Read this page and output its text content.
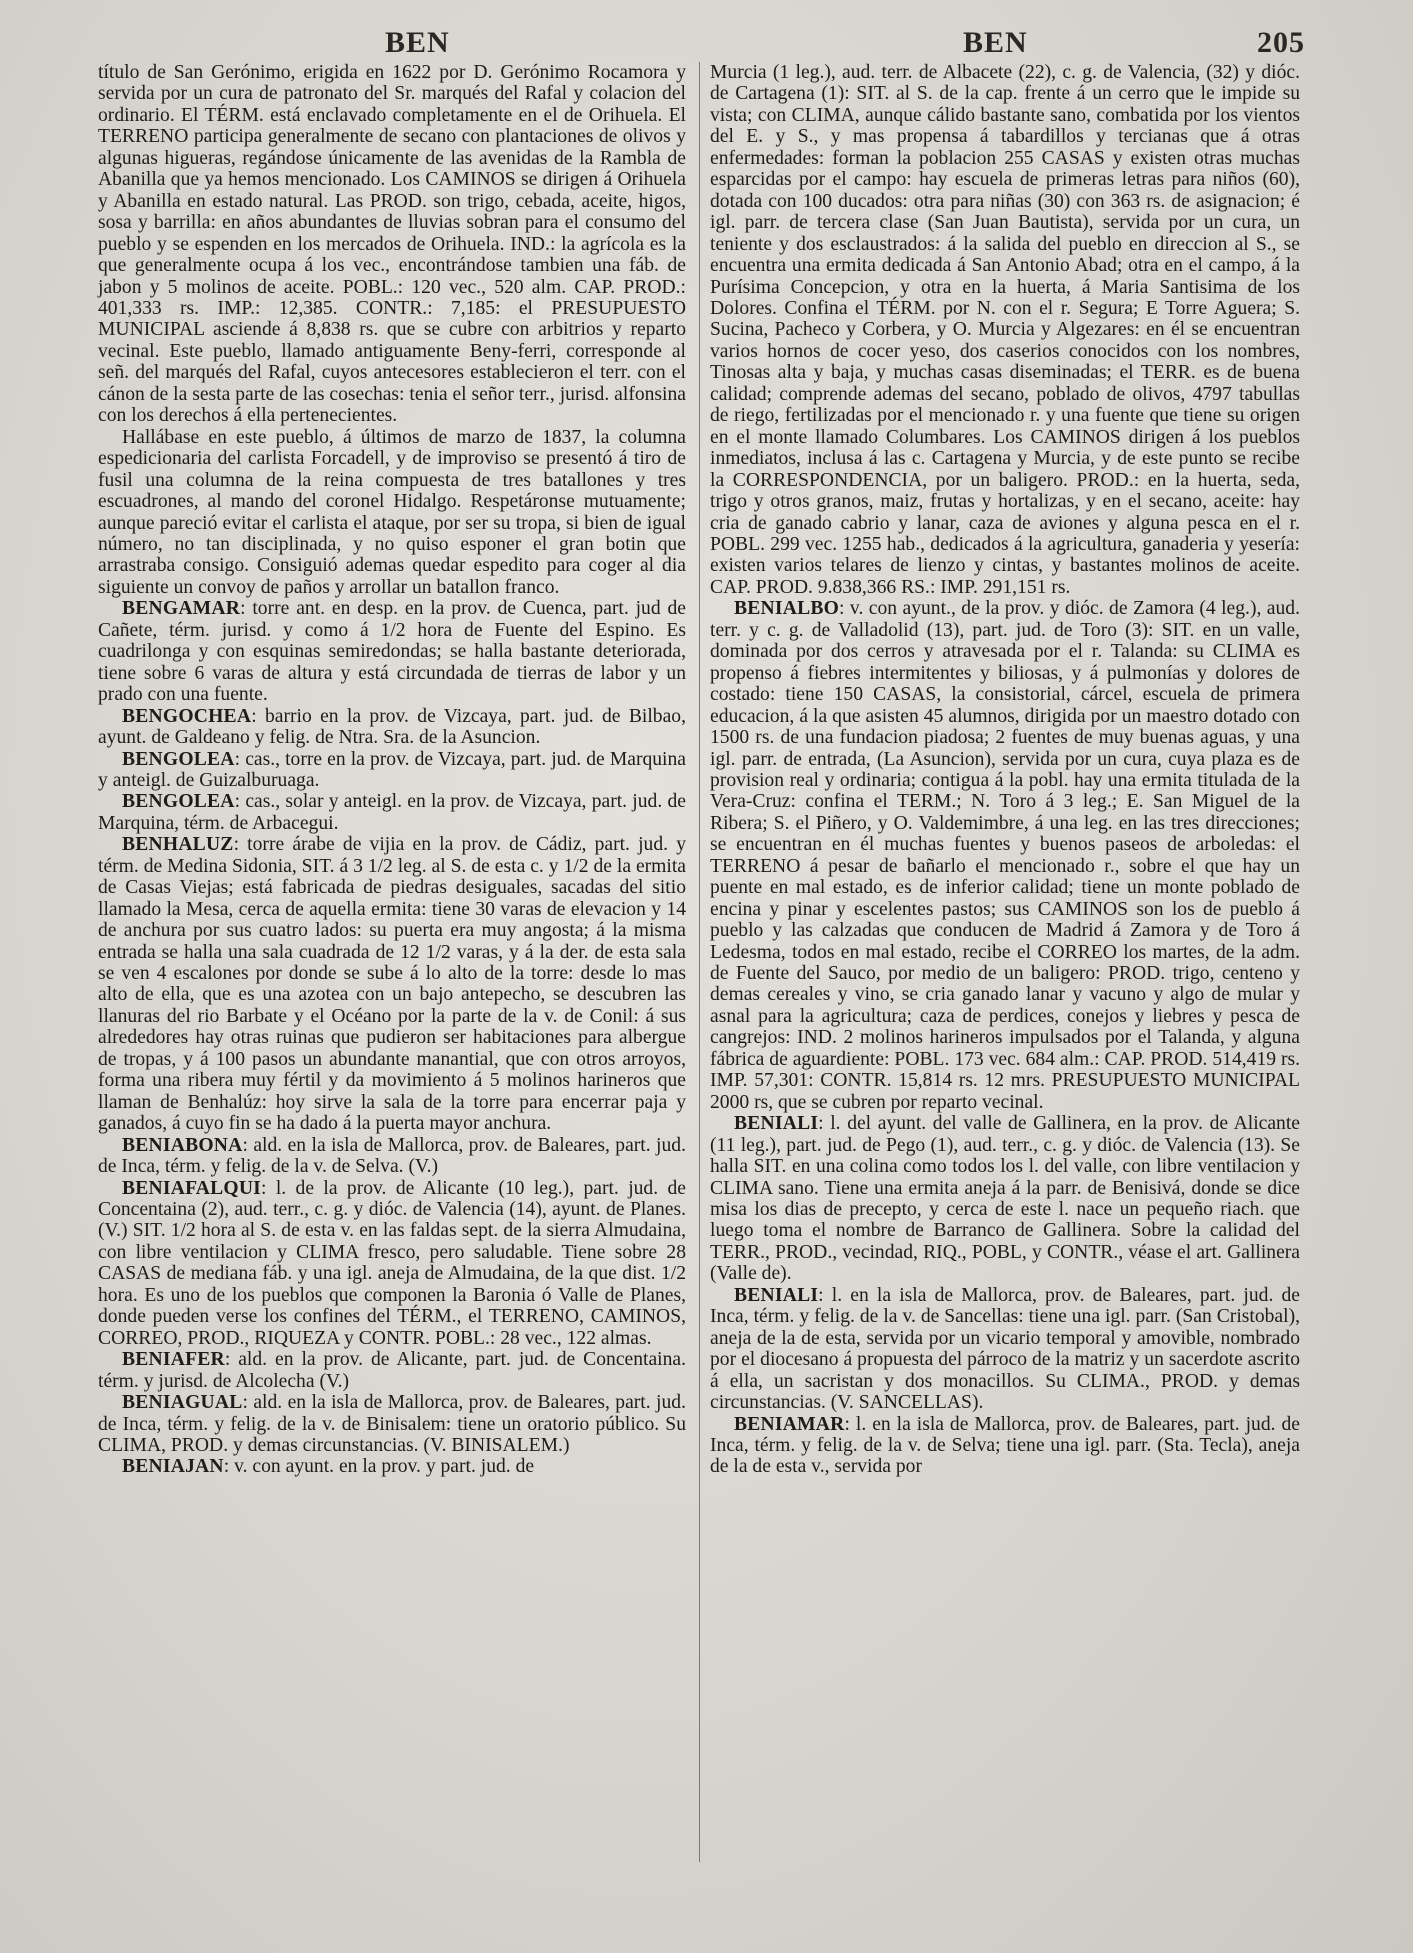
BEN	BEN	205

título de San Gerónimo, erigida en 1622 por D. Gerónimo Rocamora y servida por un cura de patronato del Sr. marqués del Rafal y colacion del ordinario. El TÉRM. está enclavado completamente en el de Orihuela. El TERRENO participa generalmente de secano con plantaciones de olivos y algunas higueras, regándose únicamente de las avenidas de la Rambla de Abanilla que ya hemos mencionado. Los CAMINOS se dirigen á Orihuela y Abanilla en estado natural. Las PROD. son trigo, cebada, aceite, higos, sosa y barrilla: en años abundantes de lluvias sobran para el consumo del pueblo y se espenden en los mercados de Orihuela. IND.: la agrícola es la que generalmente ocupa á los vec., encontrándose tambien una fáb. de jabon y 5 molinos de aceite. POBL.: 120 vec., 520 alm. CAP. PROD.: 401,333 rs. IMP.: 12,385. CONTR.: 7,185: el PRESUPUESTO MUNICIPAL asciende á 8,838 rs. que se cubre con arbitrios y reparto vecinal. Este pueblo, llamado antiguamente Beny-ferri, corresponde al señ. del marqués del Rafal, cuyos antecesores establecieron el terr. con el cánon de la sesta parte de las cosechas: tenia el señor terr., jurisd. alfonsina con los derechos á ella pertenecientes.

Hallábase en este pueblo, á últimos de marzo de 1837, la columna espedicionaria del carlista Forcadell, y de improviso se presentó á tiro de fusil una columna de la reina compuesta de tres batallones y tres escuadrones, al mando del coronel Hidalgo. Respetáronse mutuamente; aunque pareció evitar el carlista el ataque, por ser su tropa, si bien de igual número, no tan disciplinada, y no quiso esponer el gran botin que arrastraba consigo. Consiguió ademas quedar espedito para coger al dia siguiente un convoy de paños y arrollar un batallon franco.

BENGAMAR: torre ant. en desp. en la prov. de Cuenca, part. jud de Cañete, térm. jurisd. y como á 1/2 hora de Fuente del Espino. Es cuadrilonga y con esquinas semiredondas; se halla bastante deteriorada, tiene sobre 6 varas de altura y está circundada de tierras de labor y un prado con una fuente.

BENGOCHEA: barrio en la prov. de Vizcaya, part. jud. de Bilbao, ayunt. de Galdeano y felig. de Ntra. Sra. de la Asuncion.

BENGOLEA: cas., torre en la prov. de Vizcaya, part. jud. de Marquina y anteigl. de Guizalburuaga.

BENGOLEA: cas., solar y anteigl. en la prov. de Vizcaya, part. jud. de Marquina, térm. de Arbacegui.

BENHALUZ: torre árabe de vijia en la prov. de Cádiz, part. jud. y térm. de Medina Sidonia, SIT. á 3 1/2 leg. al S. de esta c. y 1/2 de la ermita de Casas Viejas; está fabricada de piedras desiguales, sacadas del sitio llamado la Mesa, cerca de aquella ermita: tiene 30 varas de elevacion y 14 de anchura por sus cuatro lados: su puerta era muy angosta; á la misma entrada se halla una sala cuadrada de 12 1/2 varas, y á la der. de esta sala se ven 4 escalones por donde se sube á lo alto de la torre: desde lo mas alto de ella, que es una azotea con un bajo antepecho, se descubren las llanuras del rio Barbate y el Océano por la parte de la v. de Conil: á sus alrededores hay otras ruinas que pudieron ser habitaciones para albergue de tropas, y á 100 pasos un abundante manantial, que con otros arroyos, forma una ribera muy fértil y da movimiento á 5 molinos harineros que llaman de Benhalúz: hoy sirve la sala de la torre para encerrar paja y ganados, á cuyo fin se ha dado á la puerta mayor anchura.

BENIABONA: ald. en la isla de Mallorca, prov. de Baleares, part. jud. de Inca, térm. y felig. de la v. de Selva. (V.)

BENIAFALQUI: l. de la prov. de Alicante (10 leg.), part. jud. de Concentaina (2), aud. terr., c. g. y dióc. de Valencia (14), ayunt. de Planes. (V.) SIT. 1/2 hora al S. de esta v. en las faldas sept. de la sierra Almudaina, con libre ventilacion y CLIMA fresco, pero saludable. Tiene sobre 28 CASAS de mediana fáb. y una igl. aneja de Almudaina, de la que dist. 1/2 hora. Es uno de los pueblos que componen la Baronia ó Valle de Planes, donde pueden verse los confines del TÉRM., el TERRENO, CAMINOS, CORREO, PROD., RIQUEZA y CONTR. POBL.: 28 vec., 122 almas.

BENIAFER: ald. en la prov. de Alicante, part. jud. de Concentaina. térm. y jurisd. de Alcolecha (V.)

BENIAGUAL: ald. en la isla de Mallorca, prov. de Baleares, part. jud. de Inca, térm. y felig. de la v. de Binisalem: tiene un oratorio público. Su CLIMA, PROD. y demas circunstancias. (V. BINISALEM.)

BENIAJAN: v. con ayunt. en la prov. y part. jud. de

Murcia (1 leg.), aud. terr. de Albacete (22), c. g. de Valencia, (32) y dióc. de Cartagena (1): SIT. al S. de la cap. frente á un cerro que le impide su vista; con CLIMA, aunque cálido bastante sano, combatida por los vientos del E. y S., y mas propensa á tabardillos y tercianas que á otras enfermedades: forman la poblacion 255 CASAS y existen otras muchas esparcidas por el campo: hay escuela de primeras letras para niños (60), dotada con 100 ducados: otra para niñas (30) con 363 rs. de asignacion; é igl. parr. de tercera clase (San Juan Bautista), servida por un cura, un teniente y dos esclaustrados: á la salida del pueblo en direccion al S., se encuentra una ermita dedicada á San Antonio Abad; otra en el campo, á la Purísima Concepcion, y otra en la huerta, á Maria Santisima de los Dolores. Confina el TÉRM. por N. con el r. Segura; E Torre Aguera; S. Sucina, Pacheco y Corbera, y O. Murcia y Algezares: en él se encuentran varios hornos de cocer yeso, dos caserios conocidos con los nombres, Tinosas alta y baja, y muchas casas diseminadas; el TERR. es de buena calidad; comprende ademas del secano, poblado de olivos, 4797 tabullas de riego, fertilizadas por el mencionado r. y una fuente que tiene su origen en el monte llamado Columbares. Los CAMINOS dirigen á los pueblos inmediatos, inclusa á las c. Cartagena y Murcia, y de este punto se recibe la CORRESPONDENCIA, por un baligero. PROD.: en la huerta, seda, trigo y otros granos, maiz, frutas y hortalizas, y en el secano, aceite: hay cria de ganado cabrio y lanar, caza de aviones y alguna pesca en el r. POBL. 299 vec. 1255 hab., dedicados á la agricultura, ganaderia y yesería: existen varios telares de lienzo y cintas, y bastantes molinos de aceite. CAP. PROD. 9.838,366 RS.: IMP. 291,151 rs.

BENIALBO: v. con ayunt., de la prov. y dióc. de Zamora (4 leg.), aud. terr. y c. g. de Valladolid (13), part. jud. de Toro (3): SIT. en un valle, dominada por dos cerros y atravesada por el r. Talanda: su CLIMA es propenso á fiebres intermitentes y biliosas, y á pulmonías y dolores de costado: tiene 150 CASAS, la consistorial, cárcel, escuela de primera educacion, á la que asisten 45 alumnos, dirigida por un maestro dotado con 1500 rs. de una fundacion piadosa; 2 fuentes de muy buenas aguas, y una igl. parr. de entrada, (La Asuncion), servida por un cura, cuya plaza es de provision real y ordinaria; contigua á la pobl. hay una ermita titulada de la Vera-Cruz: confina el TERM.; N. Toro á 3 leg.; E. San Miguel de la Ribera; S. el Piñero, y O. Valdemimbre, á una leg. en las tres direcciones; se encuentran en él muchas fuentes y buenos paseos de arboledas: el TERRENO á pesar de bañarlo el mencionado r., sobre el que hay un puente en mal estado, es de inferior calidad; tiene un monte poblado de encina y pinar y escelentes pastos; sus CAMINOS son los de pueblo á pueblo y las calzadas que conducen de Madrid á Zamora y de Toro á Ledesma, todos en mal estado, recibe el CORREO los martes, de la adm. de Fuente del Sauco, por medio de un baligero: PROD. trigo, centeno y demas cereales y vino, se cria ganado lanar y vacuno y algo de mular y asnal para la agricultura; caza de perdices, conejos y liebres y pesca de cangrejos: IND. 2 molinos harineros impulsados por el Talanda, y alguna fábrica de aguardiente: POBL. 173 vec. 684 alm.: CAP. PROD. 514,419 rs. IMP. 57,301: CONTR. 15,814 rs. 12 mrs. PRESUPUESTO MUNICIPAL 2000 rs, que se cubren por reparto vecinal.

BENIALI: l. del ayunt. del valle de Gallinera, en la prov. de Alicante (11 leg.), part. jud. de Pego (1), aud. terr., c. g. y dióc. de Valencia (13). Se halla SIT. en una colina como todos los l. del valle, con libre ventilacion y CLIMA sano. Tiene una ermita aneja á la parr. de Benisivá, donde se dice misa los dias de precepto, y cerca de este l. nace un pequeño riach. que luego toma el nombre de Barranco de Gallinera. Sobre la calidad del TERR., PROD., vecindad, RIQ., POBL, y CONTR., véase el art. Gallinera (Valle de).

BENIALI: l. en la isla de Mallorca, prov. de Baleares, part. jud. de Inca, térm. y felig. de la v. de Sancellas: tiene una igl. parr. (San Cristobal), aneja de la de esta, servida por un vicario temporal y amovible, nombrado por el diocesano á propuesta del párroco de la matriz y un sacerdote ascrito á ella, un sacristan y dos monacillos. Su CLIMA., PROD. y demas circunstancias. (V. SANCELLAS).

BENIAMAR: l. en la isla de Mallorca, prov. de Baleares, part. jud. de Inca, térm. y felig. de la v. de Selva; tiene una igl. parr. (Sta. Tecla), aneja de la de esta v., servida por
